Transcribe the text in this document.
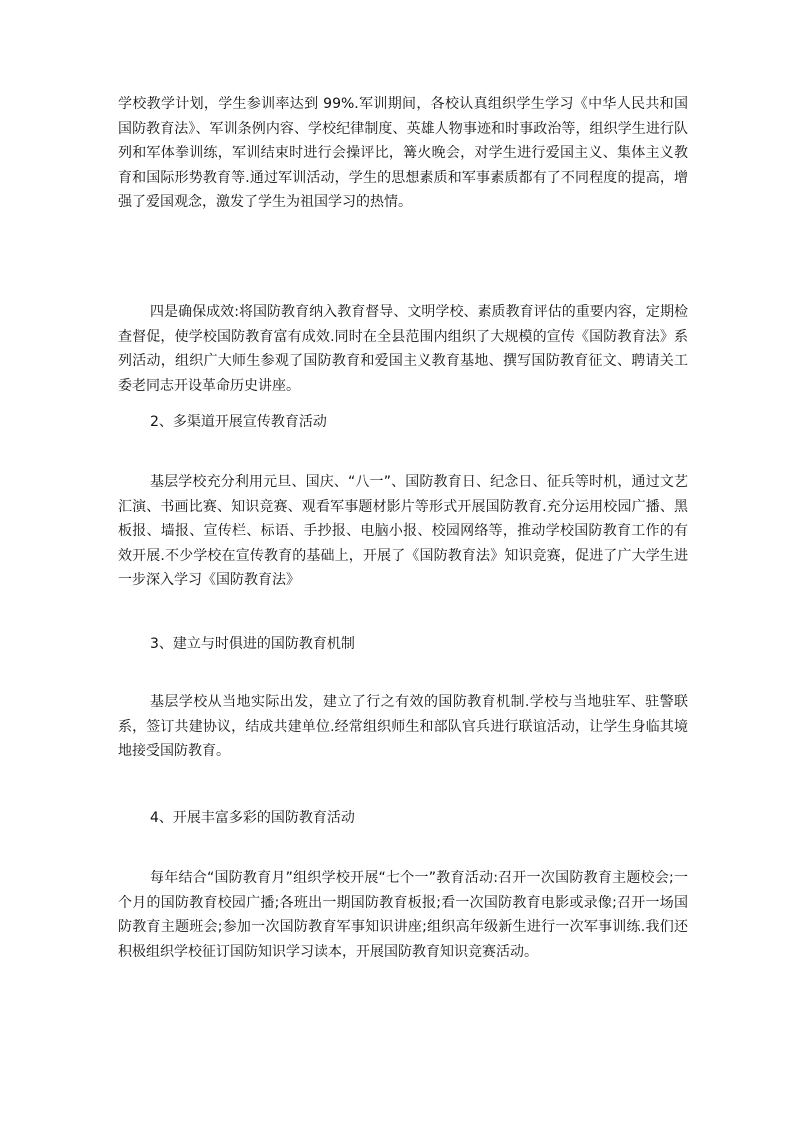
学校教学计划，学生参训率达到 99%.军训期间，各校认真组织学生学习《中华人民共和国国防教育法》、军训条例内容、学校纪律制度、英雄人物事迹和时事政治等，组织学生进行队列和军体拳训练，军训结束时进行会操评比，篝火晚会，对学生进行爱国主义、集体主义教育和国际形势教育等.通过军训活动，学生的思想素质和军事素质都有了不同程度的提高，增强了爱国观念，激发了学生为祖国学习的热情。

四是确保成效:将国防教育纳入教育督导、文明学校、素质教育评估的重要内容，定期检查督促，使学校国防教育富有成效.同时在全县范围内组织了大规模的宣传《国防教育法》系列活动，组织广大师生参观了国防教育和爱国主义教育基地、撰写国防教育征文、聘请关工委老同志开设革命历史讲座。

2、多渠道开展宣传教育活动

基层学校充分利用元旦、国庆、“八一”、国防教育日、纪念日、征兵等时机，通过文艺汇演、书画比赛、知识竞赛、观看军事题材影片等形式开展国防教育.充分运用校园广播、黑板报、墙报、宣传栏、标语、手抄报、电脑小报、校园网络等，推动学校国防教育工作的有效开展.不少学校在宣传教育的基础上，开展了《国防教育法》知识竞赛，促进了广大学生进一步深入学习《国防教育法》

3、建立与时俱进的国防教育机制

基层学校从当地实际出发，建立了行之有效的国防教育机制.学校与当地驻军、驻警联系，签订共建协议，结成共建单位.经常组织师生和部队官兵进行联谊活动，让学生身临其境地接受国防教育。

4、开展丰富多彩的国防教育活动

每年结合“国防教育月”组织学校开展“七个一”教育活动:召开一次国防教育主题校会;一个月的国防教育校园广播;各班出一期国防教育板报;看一次国防教育电影或录像;召开一场国防教育主题班会;参加一次国防教育军事知识讲座;组织高年级新生进行一次军事训练.我们还积极组织学校征订国防知识学习读本，开展国防教育知识竞赛活动。
